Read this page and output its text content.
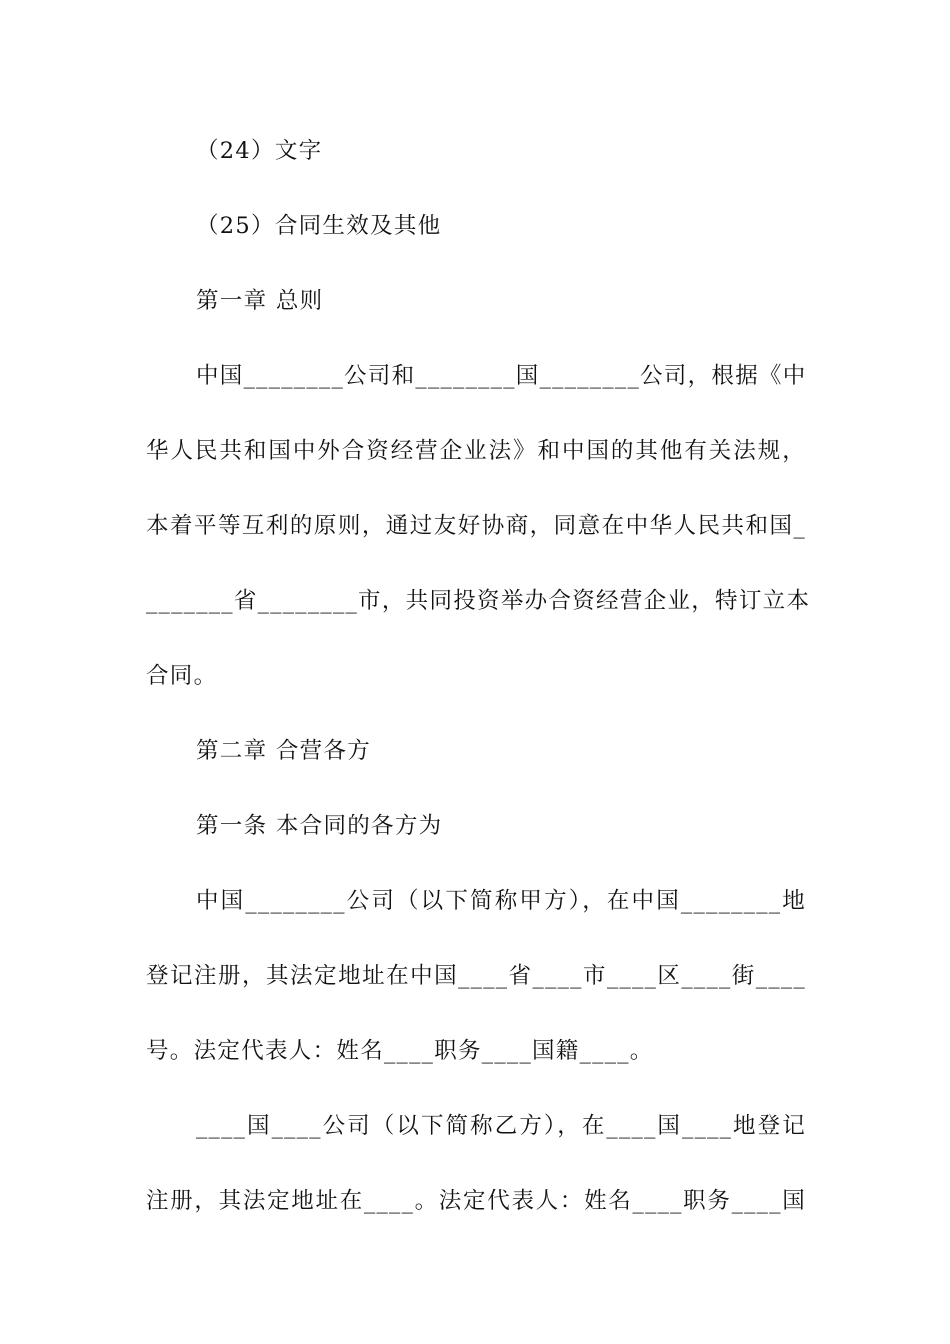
（24）文字
（25）合同生效及其他
第一章 总则
中国________公司和________国________公司，根据《中
华人民共和国中外合资经营企业法》和中国的其他有关法规，
本着平等互利的原则，通过友好协商，同意在中华人民共和国_
_______省________市，共同投资举办合资经营企业，特订立本
合同。
第二章 合营各方
第一条 本合同的各方为
中国________公司（以下简称甲方），在中国________地
登记注册，其法定地址在中国____省____市____区____街____
号。法定代表人：姓名____职务____国籍____。
____国____公司（以下简称乙方），在____国____地登记
注册，其法定地址在____。法定代表人：姓名____职务____国
